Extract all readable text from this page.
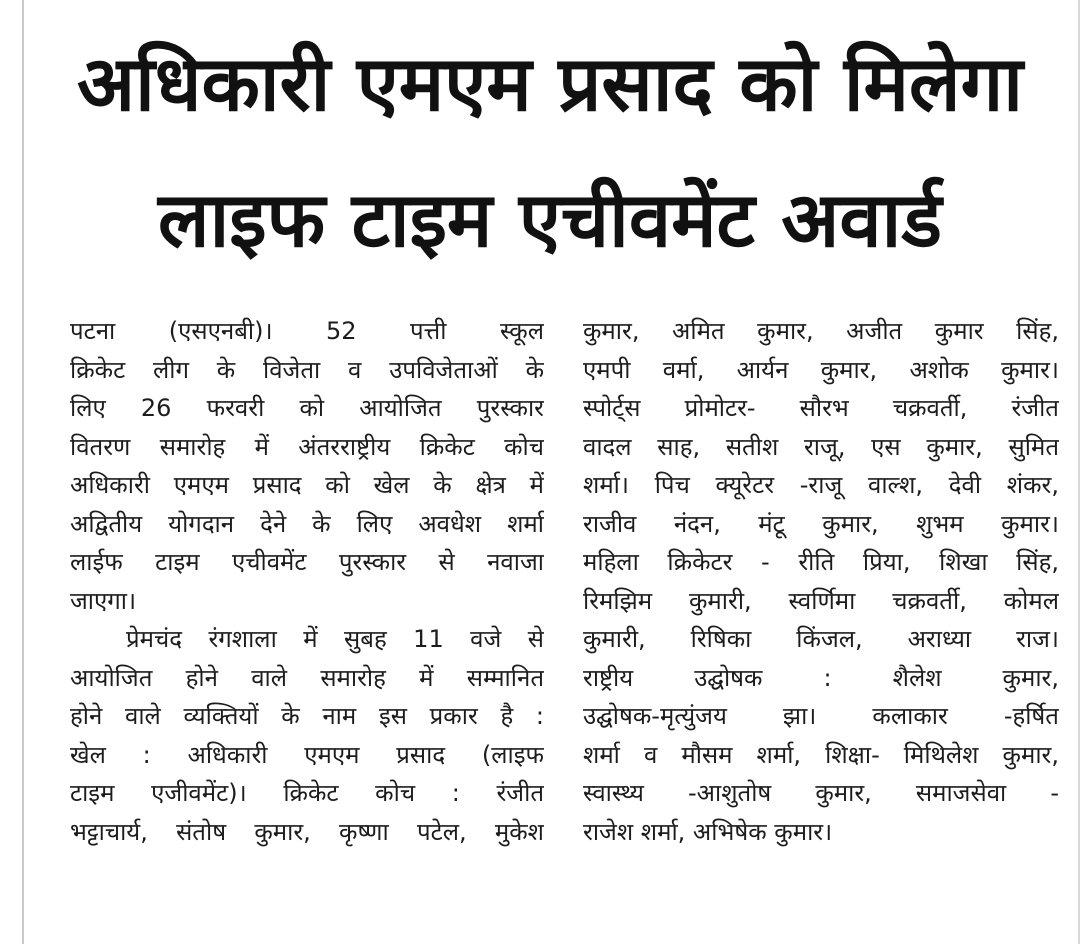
अधिकारी एमएम प्रसाद को मिलेगा
लाइफ टाइम एचीवमेंट अवार्ड

पटना (एसएनबी)। 52 पत्ती स्कूल

क्रिकेट लीग के विजेता व उपविजेताओं के

लिए 26 फरवरी को आयोजित पुरस्कार

वितरण समारोह में अंतरराष्ट्रीय क्रिकेट कोच

अधिकारी एमएम प्रसाद को खेल के क्षेत्र में

अद्वितीय योगदान देने के लिए अवधेश शर्मा

लाईफ टाइम एचीवमेंट पुरस्कार से नवाजा

जाएगा।

प्रेमचंद रंगशाला में सुबह 11 वजे से

आयोजित होने वाले समारोह में सम्मानित

होने वाले व्यक्तियों के नाम इस प्रकार है :

खेल : अधिकारी एमएम प्रसाद (लाइफ

टाइम एजीवमेंट)। क्रिकेट कोच : रंजीत

भट्टाचार्य, संतोष कुमार, कृष्णा पटेल, मुकेश

कुमार, अमित कुमार, अजीत कुमार सिंह,

एमपी वर्मा, आर्यन कुमार, अशोक कुमार।

स्पोर्ट्स प्रोमोटर- सौरभ चक्रवर्ती, रंजीत

वादल साह, सतीश राजू, एस कुमार, सुमित

शर्मा। पिच क्यूरेटर -राजू वाल्श, देवी शंकर,

राजीव नंदन, मंटू कुमार, शुभम कुमार।

महिला क्रिकेटर - रीति प्रिया, शिखा सिंह,

रिमझिम कुमारी, स्वर्णिमा चक्रवर्ती, कोमल

कुमारी, रिषिका किंजल, अराध्या राज।

राष्ट्रीय उद्घोषक : शैलेश कुमार,

उद्घोषक-मृत्युंजय झा। कलाकार -हर्षित

शर्मा व मौसम शर्मा, शिक्षा- मिथिलेश कुमार,

स्वास्थ्य -आशुतोष कुमार, समाजसेवा -

राजेश शर्मा, अभिषेक कुमार।
